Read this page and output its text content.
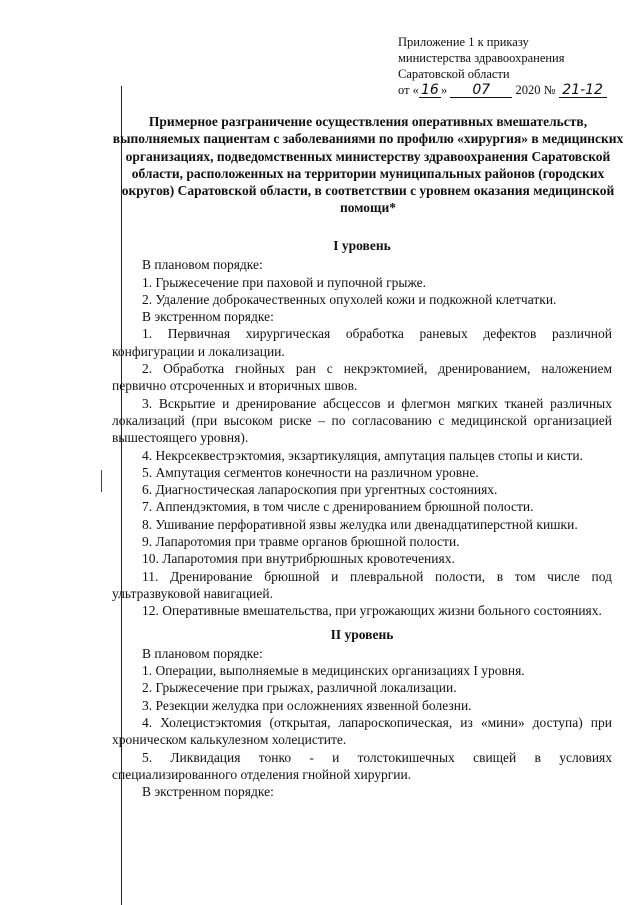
Приложение 1 к приказу
министерства здравоохранения
Саратовской области
от « 16 » 07 2020 № 21-12
Примерное разграничение осуществления оперативных вмешательств, выполняемых пациентам с заболеваниями по профилю «хирургия» в медицинских организациях, подведомственных министерству здравоохранения Саратовской области, расположенных на территории муниципальных районов (городских округов) Саратовской области, в соответствии с уровнем оказания медицинской помощи*

I уровень

В плановом порядке:

1. Грыжесечение при паховой и пупочной грыже.

2. Удаление доброкачественных опухолей кожи и подкожной клетчатки.

В экстренном порядке:

1. Первичная хирургическая обработка раневых дефектов различной конфигурации и локализации.

2. Обработка гнойных ран с некрэктомией, дренированием, наложением первично отсроченных и вторичных швов.

3. Вскрытие и дренирование абсцессов и флегмон мягких тканей различных локализаций (при высоком риске – по согласованию с медицинской организацией вышестоящего уровня).

4. Некрсеквестрэктомия, экзартикуляция, ампутация пальцев стопы и кисти.

5. Ампутация сегментов конечности на различном уровне.

6. Диагностическая лапароскопия при ургентных состояниях.

7. Аппендэктомия, в том числе с дренированием брюшной полости.

8. Ушивание перфоративной язвы желудка или двенадцатиперстной кишки.

9. Лапаротомия при травме органов брюшной полости.

10. Лапаротомия при внутрибрюшных кровотечениях.

11. Дренирование брюшной и плевральной полости, в том числе под ультразвуковой навигацией.

12. Оперативные вмешательства, при угрожающих жизни больного состояниях.

II уровень

В плановом порядке:

1. Операции, выполняемые в медицинских организациях I уровня.

2. Грыжесечение при грыжах, различной локализации.

3. Резекции желудка при осложнениях язвенной болезни.

4. Холецистэктомия (открытая, лапароскопическая, из «мини» доступа) при хроническом калькулезном холецистите.

5. Ликвидация тонко - и толстокишечных свищей в условиях специализированного отделения гнойной хирургии.

В экстренном порядке:
